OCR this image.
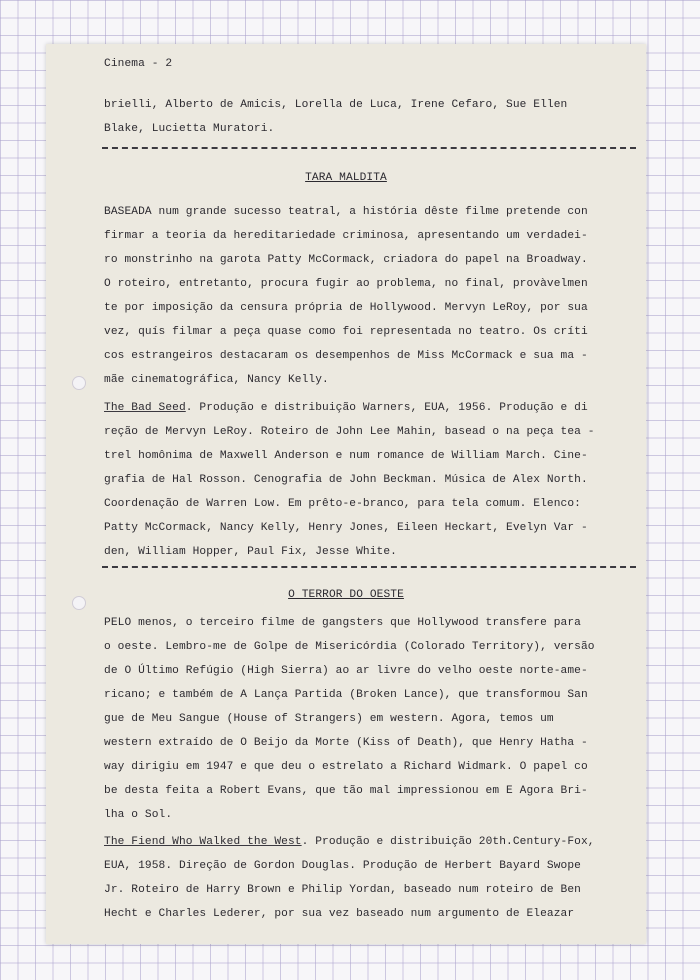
Cinema - 2
brielli, Alberto de Amicis, Lorella de Luca, Irene Cefaro, Sue Ellen
Blake, Lucietta Muratori.
TARA MALDITA
BASEADA num grande sucesso teatral, a história dêste filme pretende con
firmar a teoria da hereditariedade criminosa, apresentando um verdadei-
ro monstrinho na garota Patty McCormack, criadora do papel na Broadway.
O roteiro, entretanto, procura fugir ao problema, no final, provàvelmen
te por imposição da censura própria de Hollywood. Mervyn LeRoy, por sua
vez, quís filmar a peça quase como foi representada no teatro. Os críti
cos estrangeiros destacaram os desempenhos de Miss McCormack e sua ma -
mãe cinematográfica, Nancy Kelly.
The Bad Seed. Produção e distribuição Warners, EUA, 1956. Produção e di
reção de Mervyn LeRoy. Roteiro de John Lee Mahin, basead o na peça tea -
trel homônima de Maxwell Anderson e num romance de William March. Cine-
grafia de Hal Rosson. Cenografia de John Beckman. Música de Alex North.
Coordenação de Warren Low. Em prêto-e-branco, para tela comum. Elenco:
Patty McCormack, Nancy Kelly, Henry Jones, Eileen Heckart, Evelyn Var -
den, William Hopper, Paul Fix, Jesse White.
O TERROR DO OESTE
PELO menos, o terceiro filme de gangsters que Hollywood transfere para
o oeste. Lembro-me de Golpe de Misericórdia (Colorado Territory), versão
de O Último Refúgio (High Sierra) ao ar livre do velho oeste norte-ame-
ricano; e também de A Lança Partida (Broken Lance), que transformou San
gue de Meu Sangue (House of Strangers) em western. Agora, temos um
western extraído de O Beijo da Morte (Kiss of Death), que Henry Hatha -
way dirigiu em 1947 e que deu o estrelato a Richard Widmark. O papel co
be desta feita a Robert Evans, que tão mal impressionou em E Agora Bri-
lha o Sol.
The Fiend Who Walked the West. Produção e distribuição 20th.Century-Fox,
EUA, 1958. Direção de Gordon Douglas. Produção de Herbert Bayard Swope
Jr. Roteiro de Harry Brown e Philip Yordan, baseado num roteiro de Ben
Hecht e Charles Lederer, por sua vez baseado num argumento de Eleazar
